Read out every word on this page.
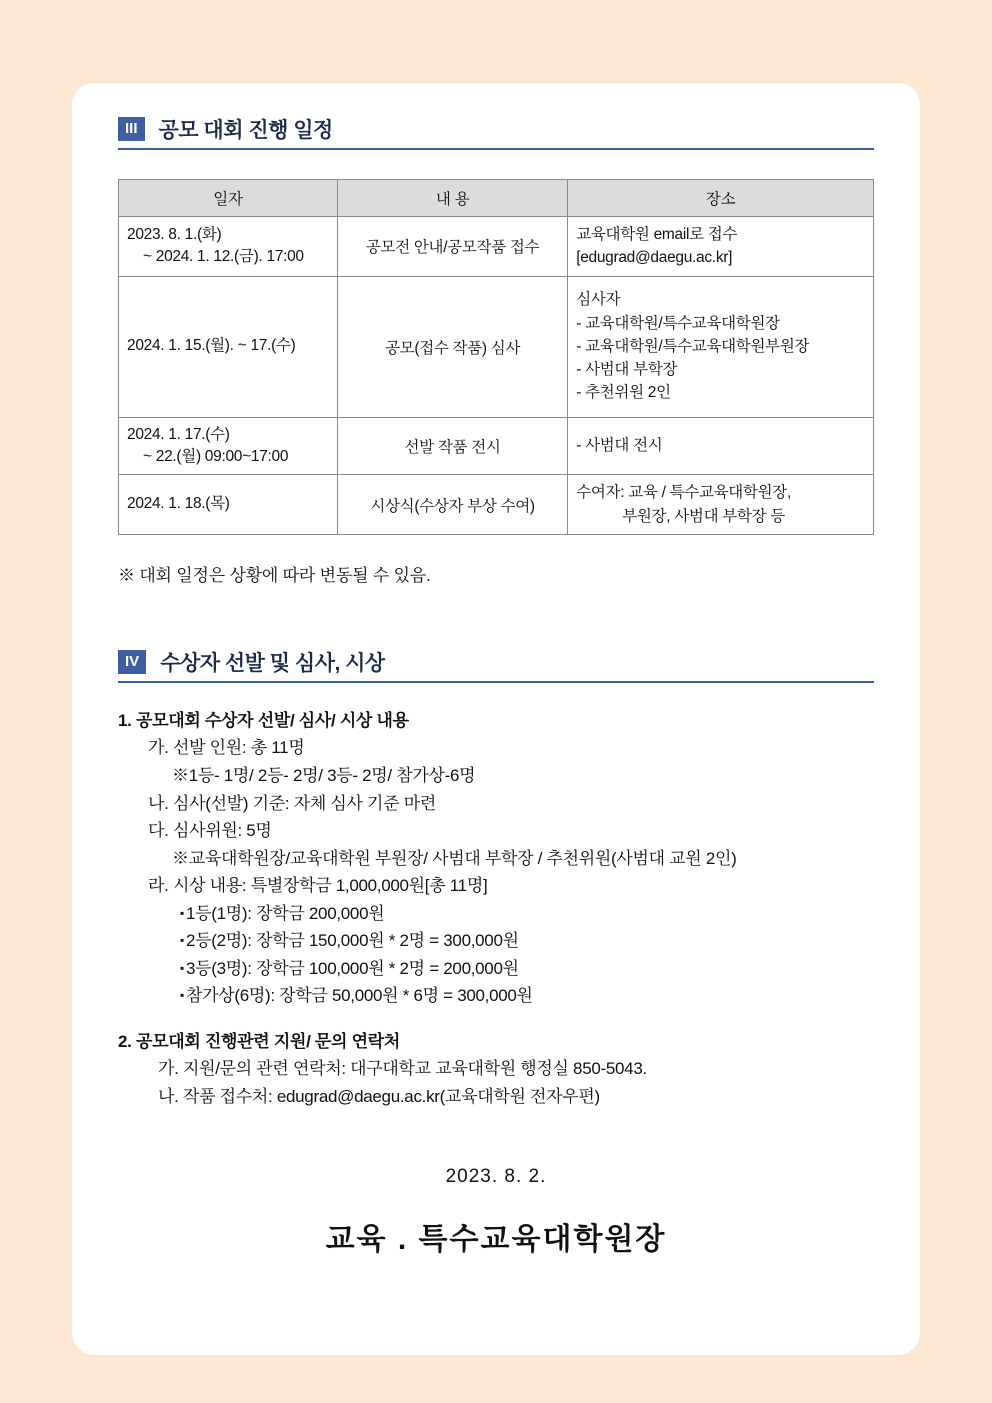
III	공모 대회 진행 일정
일자	내 용	장소
2023. 8. 1.(화)
~ 2024. 1. 12.(금). 17:00	공모전 안내/공모작품 접수	교육대학원 email로 접수
[edugrad@daegu.ac.kr]
2024. 1. 15.(월). ~ 17.(수)	공모(접수 작품) 심사	심사자
- 교육대학원/특수교육대학원장
- 교육대학원/특수교육대학원부원장
- 사범대 부학장
- 추천위원 2인
2024. 1. 17.(수)
~ 22.(월) 09:00~17:00	선발 작품 전시	- 사범대 전시
2024. 1. 18.(목)	시상식(수상자 부상 수여)	수여자: 교육 / 특수교육대학원장,

부원장, 사범대 부학장 등
※ 대회 일정은 상황에 따라 변동될 수 있음.
IV	수상자 선발 및 심사, 시상
1. 공모대회 수상자 선발/ 심사/ 시상 내용
가. 선발 인원: 총 11명
※1등- 1명/ 2등- 2명/ 3등- 2명/ 참가상-6명
나. 심사(선발) 기준: 자체 심사 기준 마련
다. 심사위원: 5명
※교육대학원장/교육대학원 부원장/ 사범대 부학장 / 추천위원(사범대 교원 2인)
라. 시상 내용: 특별장학금 1,000,000원[총 11명]
▪ 1등(1명): 장학금 200,000원
▪ 2등(2명): 장학금 150,000원 * 2명 = 300,000원
▪ 3등(3명): 장학금 100,000원 * 2명 = 200,000원
▪ 참가상(6명): 장학금 50,000원 * 6명 = 300,000원
2. 공모대회 진행관련 지원/ 문의 연락처
가. 지원/문의 관련 연락처: 대구대학교 교육대학원 행정실 850-5043.
나. 작품 접수처: edugrad@daegu.ac.kr(교육대학원 전자우편)
2023. 8. 2.
교육 . 특수교육대학원장
